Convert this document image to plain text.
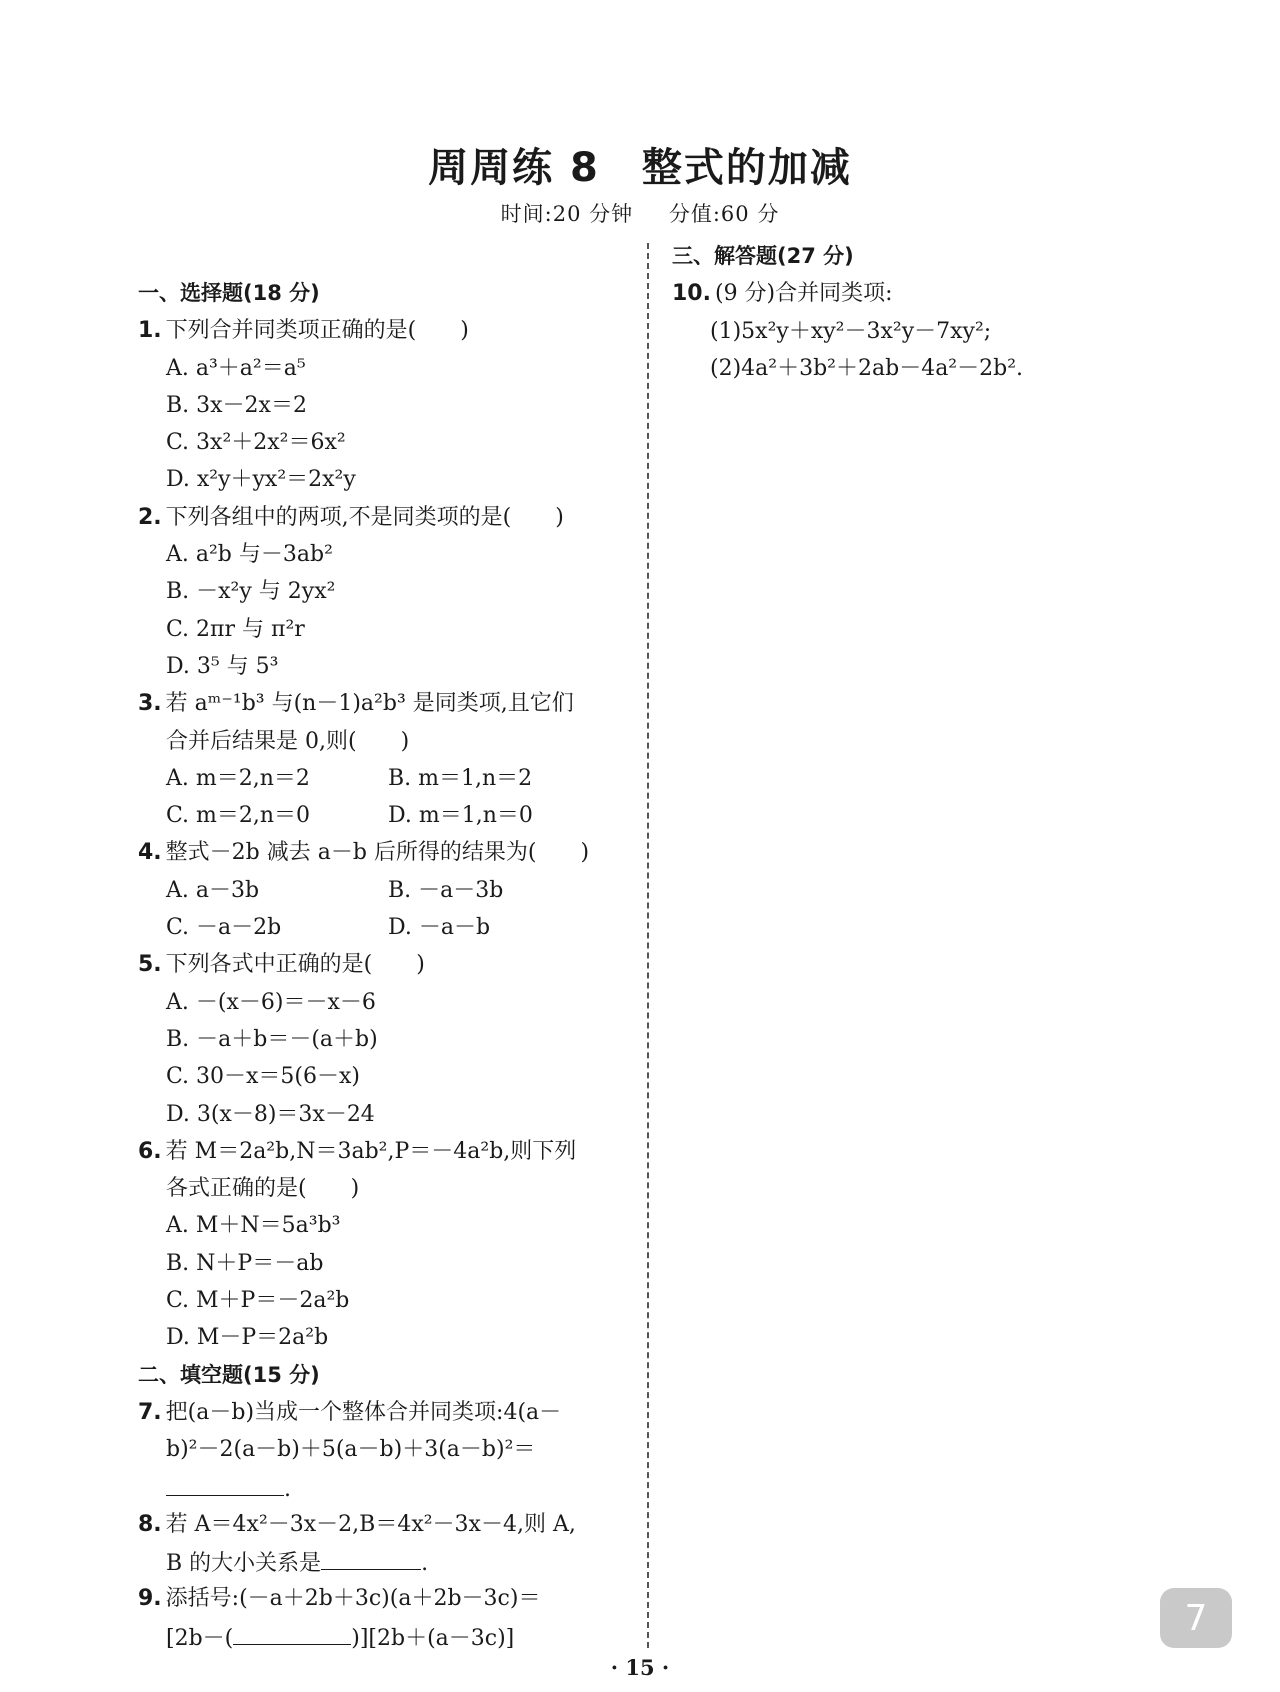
周周练 8　整式的加减
时间:20 分钟 分值:60 分
一、选择题(18 分)
1. 下列合并同类项正确的是(　　)
A. a³＋a²＝a⁵
B. 3x－2x＝2
C. 3x²＋2x²＝6x²
D. x²y＋yx²＝2x²y
2. 下列各组中的两项,不是同类项的是(　　)
A. a²b 与－3ab²
B. －x²y 与 2yx²
C. 2πr 与 π²r
D. 3⁵ 与 5³
3. 若 aᵐ⁻¹b³ 与(n－1)a²b³ 是同类项,且它们
合并后结果是 0,则(　　)
A. m＝2,n＝2	B. m＝1,n＝2
C. m＝2,n＝0	D. m＝1,n＝0
4. 整式－2b 减去 a－b 后所得的结果为(　　)
A. a－3b	B. －a－3b
C. －a－2b	D. －a－b
5. 下列各式中正确的是(　　)
A. －(x－6)＝－x－6
B. －a＋b＝－(a＋b)
C. 30－x＝5(6－x)
D. 3(x－8)＝3x－24
6. 若 M＝2a²b,N＝3ab²,P＝－4a²b,则下列
各式正确的是(　　)
A. M＋N＝5a³b³
B. N＋P＝－ab
C. M＋P＝－2a²b
D. M－P＝2a²b
二、填空题(15 分)
7. 把(a－b)当成一个整体合并同类项:4(a－
b)²－2(a－b)＋5(a－b)＋3(a－b)²＝
.
8. 若 A＝4x²－3x－2,B＝4x²－3x－4,则 A,
B 的大小关系是	.
9. 添括号:(－a＋2b＋3c)(a＋2b－3c)＝
[2b－(	)][2b＋(a－3c)]
三、解答题(27 分)
10. (9 分)合并同类项:
(1)5x²y＋xy²－3x²y－7xy²;
(2)4a²＋3b²＋2ab－4a²－2b².
· 15 ·
7
